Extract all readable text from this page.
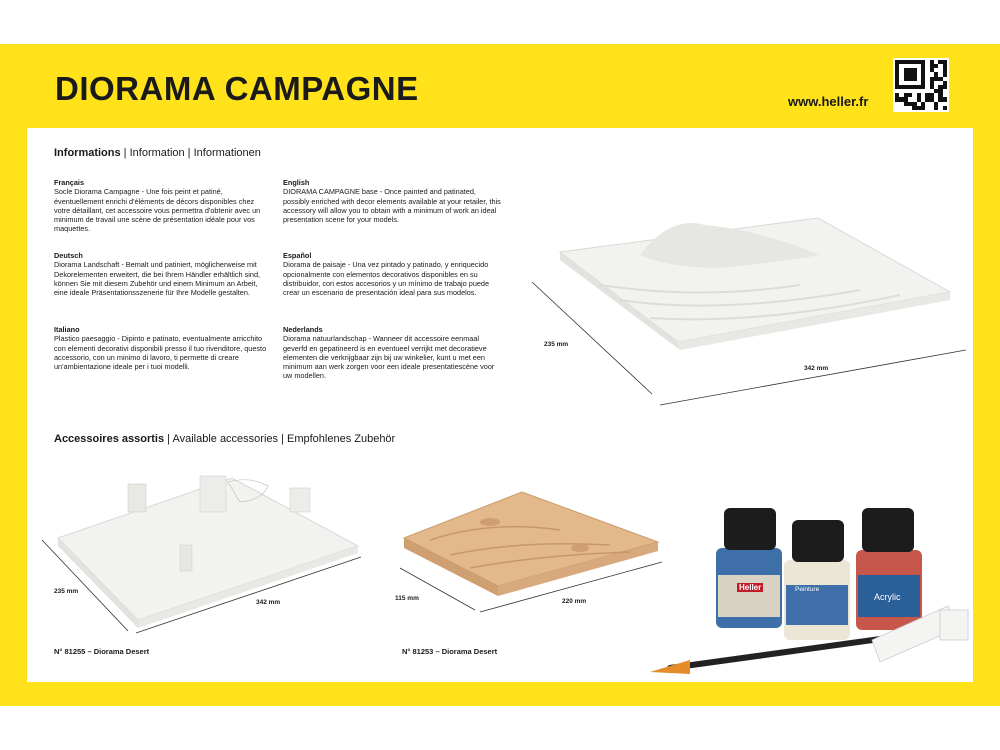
DIORAMA CAMPAGNE	www.heller.fr
Informations | Information | Informationen
Français
Socle Diorama Campagne - Une fois peint et patiné, éventuellement enrichi d'éléments de décors disponibles chez votre détaillant, cet accessoire vous permettra d'obtenir avec un minimum de travail une scène de présentation idéale pour vos maquettes.
Deutsch
Diorama Landschaft - Bemalt und patiniert, möglicherweise mit Dekorelementen erweitert, die bei Ihrem Händler erhältlich sind, können Sie mit diesem Zubehör und einem Minimum an Arbeit, eine ideale Präsentationsszenerie für Ihre Modelle gestalten.
Italiano
Plastico paesaggio - Dipinto e patinato, eventualmente arricchito con elementi decorativi disponibili presso il tuo rivenditore, questo accessorio, con un minimo di lavoro, ti permette di creare un'ambientazione ideale per i tuoi modelli.
English
DIORAMA CAMPAGNE base - Once painted and patinated, possibly enriched with decor elements available at your retailer, this accessory will allow you to obtain with a minimum of work an ideal presentation scene for your models.
Español
Diorama de paisaje - Una vez pintado y patinado, y enriquecido opcionalmente con elementos decorativos disponibles en su distribuidor, con estos accesorios y un mínimo de trabajo puede crear un escenario de presentación ideal para sus modelos.
Nederlands
Diorama natuurlandschap - Wanneer dit accessoire eenmaal geverfd en gepatineerd is en eventueel verrijkt met decoratieve elementen die verkrijgbaar zijn bij uw winkelier, kunt u met een minimum aan werk zorgen voor een ideale presentatiescène voor uw modellen.
235 mm
342 mm
Accessoires assortis | Available accessories | Empfohlenes Zubehör
235 mm
342 mm
N° 81255 – Diorama Desert
115 mm	220 mm
N° 81253 – Diorama Desert
Heller
Acrylic
Peinture
